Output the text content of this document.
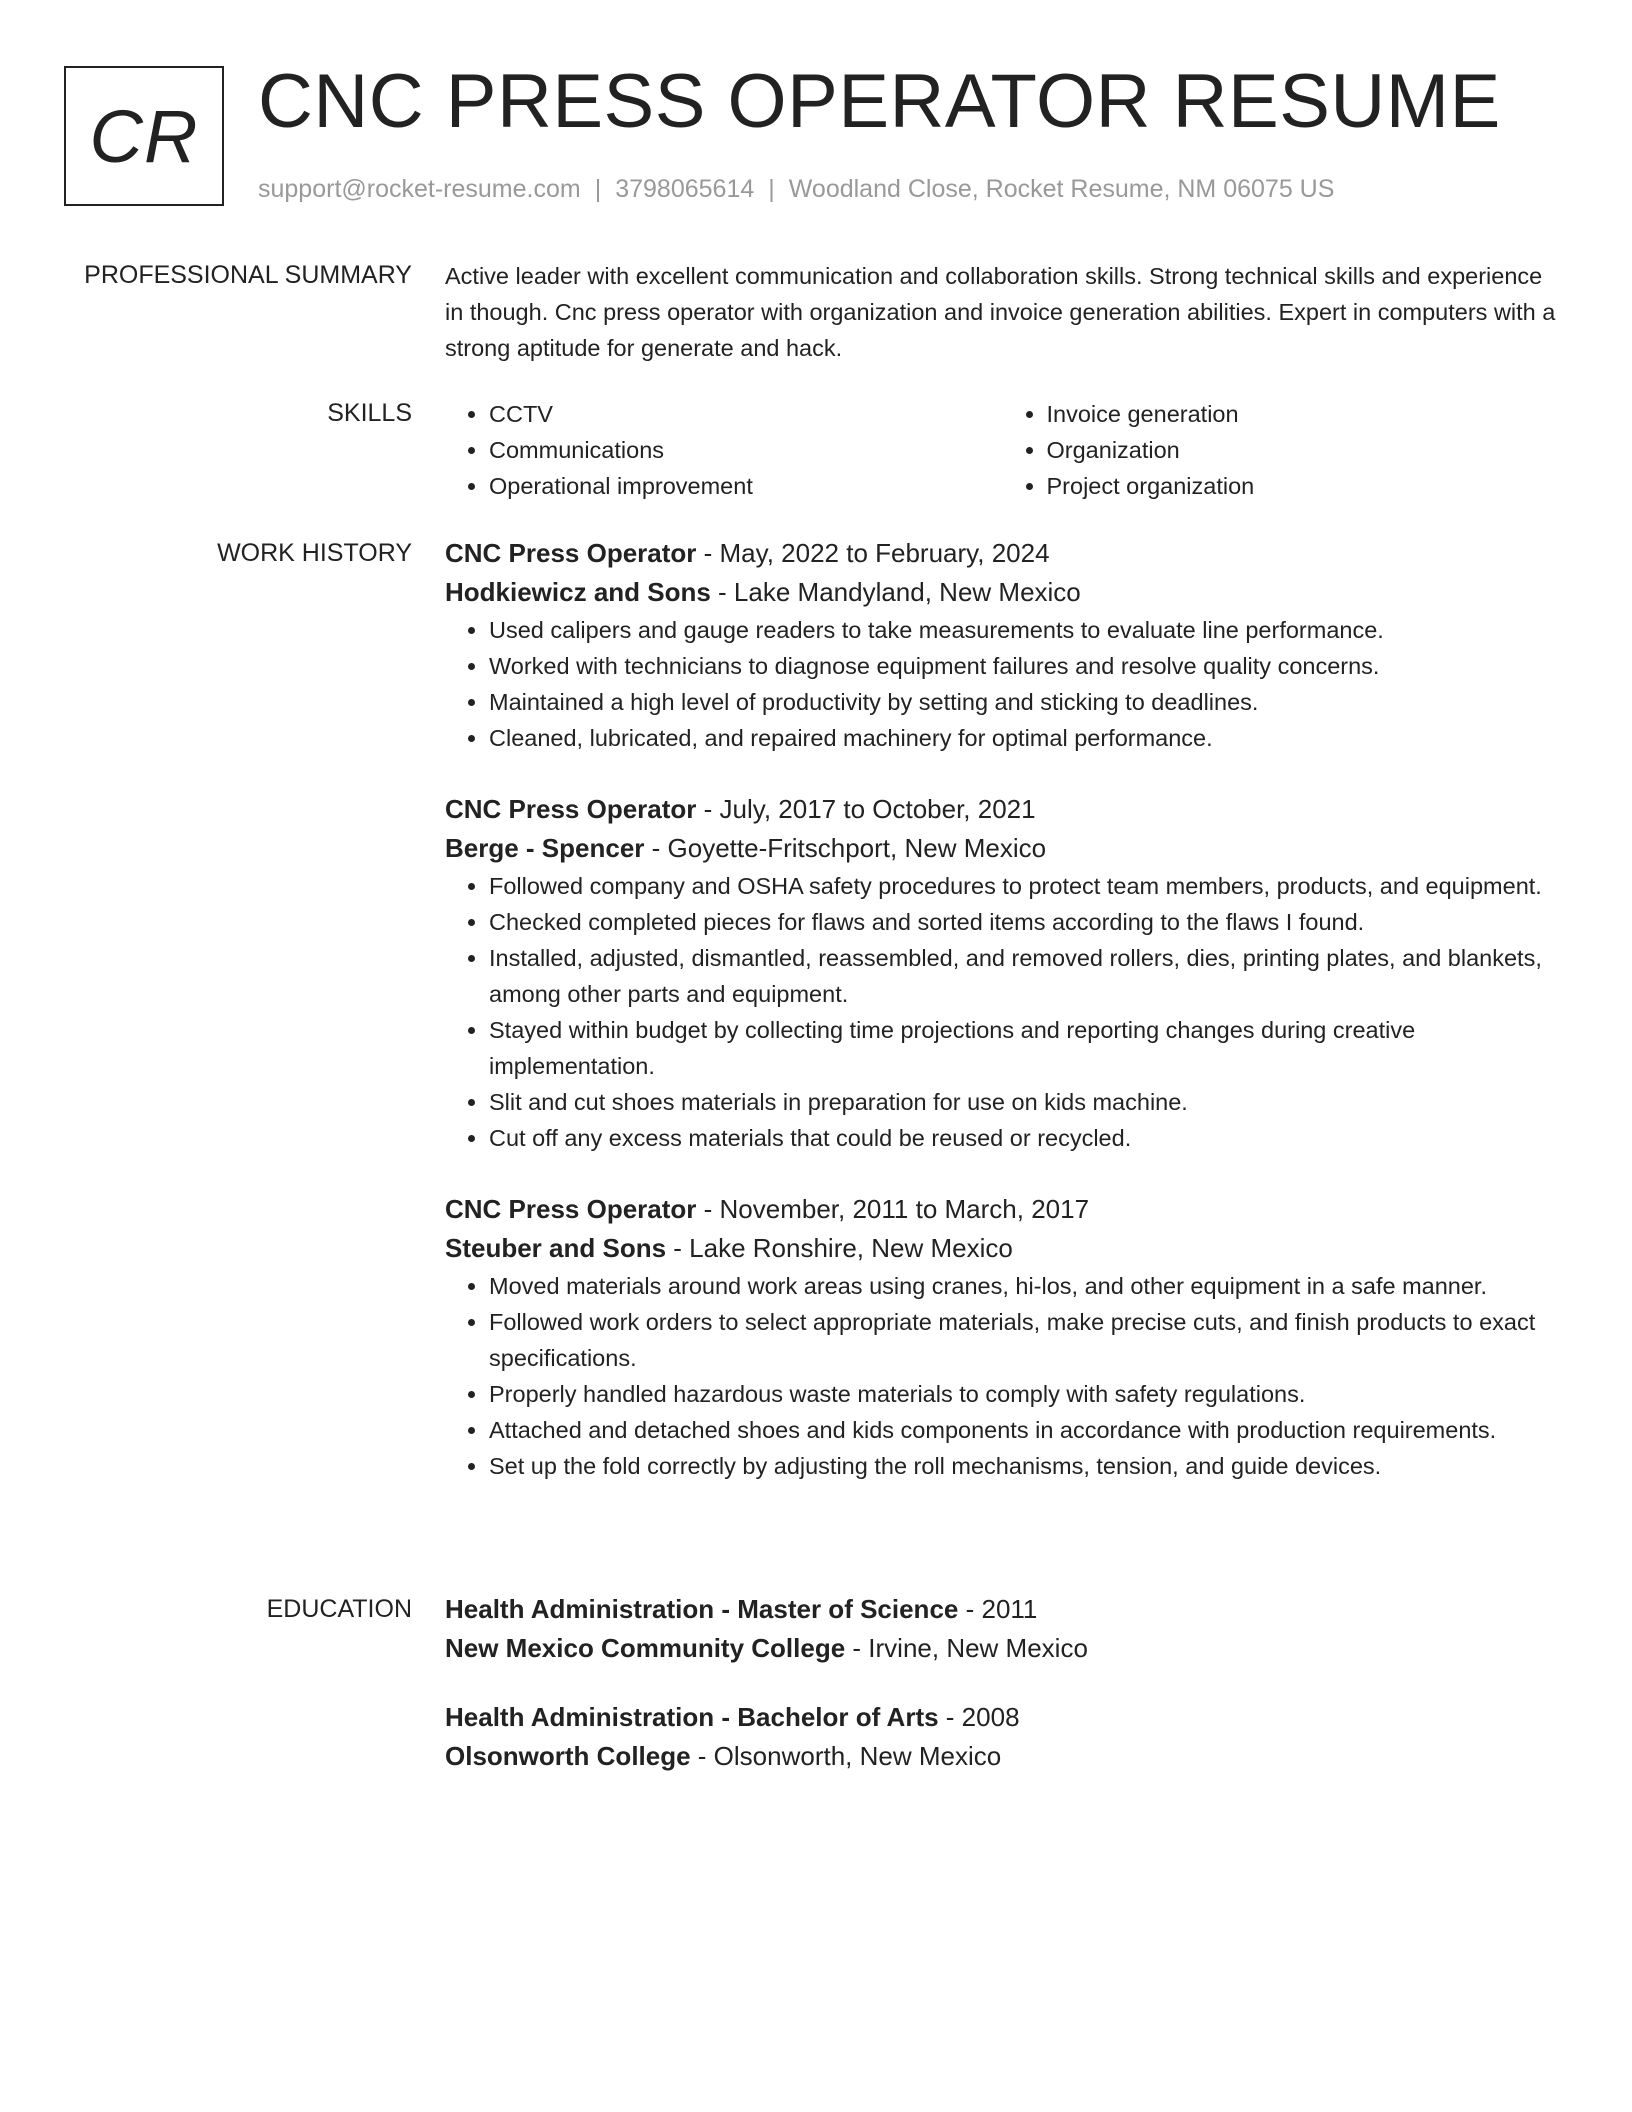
CR CNC PRESS OPERATOR RESUME
support@rocket-resume.com | 3798065614 | Woodland Close, Rocket Resume, NM 06075 US
PROFESSIONAL SUMMARY Active leader with excellent communication and collaboration skills. Strong technical skills and experience in though. Cnc press operator with organization and invoice generation abilities. Expert in computers with a strong aptitude for generate and hack.

SKILLS
•	CCTV
• Communications
• Operational improvement
• Invoice generation
• Organization
• Project organization
WORK HISTORY CNC Press Operator - May, 2022 to February, 2024
Hodkiewicz and Sons - Lake Mandyland, New Mexico
• Used calipers and gauge readers to take measurements to evaluate line performance.
• Worked with technicians to diagnose equipment failures and resolve quality concerns.
• Maintained a high level of productivity by setting and sticking to deadlines.
• Cleaned, lubricated, and repaired machinery for optimal performance.
CNC Press Operator - July, 2017 to October, 2021
Berge - Spencer - Goyette-Fritschport, New Mexico
• Followed company and OSHA safety procedures to protect team members, products, and equipment.
• Checked completed pieces for flaws and sorted items according to the flaws I found.
• Installed, adjusted, dismantled, reassembled, and removed rollers, dies, printing plates, and blankets, among other parts and equipment.
• Stayed within budget by collecting time projections and reporting changes during creative implementation.
• Slit and cut shoes materials in preparation for use on kids machine.
• Cut off any excess materials that could be reused or recycled.
CNC Press Operator - November, 2011 to March, 2017
Steuber and Sons - Lake Ronshire, New Mexico
• Moved materials around work areas using cranes, hi-los, and other equipment in a safe manner.
• Followed work orders to select appropriate materials, make precise cuts, and finish products to exact specifications.
• Properly handled hazardous waste materials to comply with safety regulations.
• Attached and detached shoes and kids components in accordance with production requirements.
• Set up the fold correctly by adjusting the roll mechanisms, tension, and guide devices.
EDUCATION Health Administration - Master of Science - 2011
New Mexico Community College - Irvine, New Mexico
Health Administration - Bachelor of Arts - 2008
Olsonworth College - Olsonworth, New Mexico
